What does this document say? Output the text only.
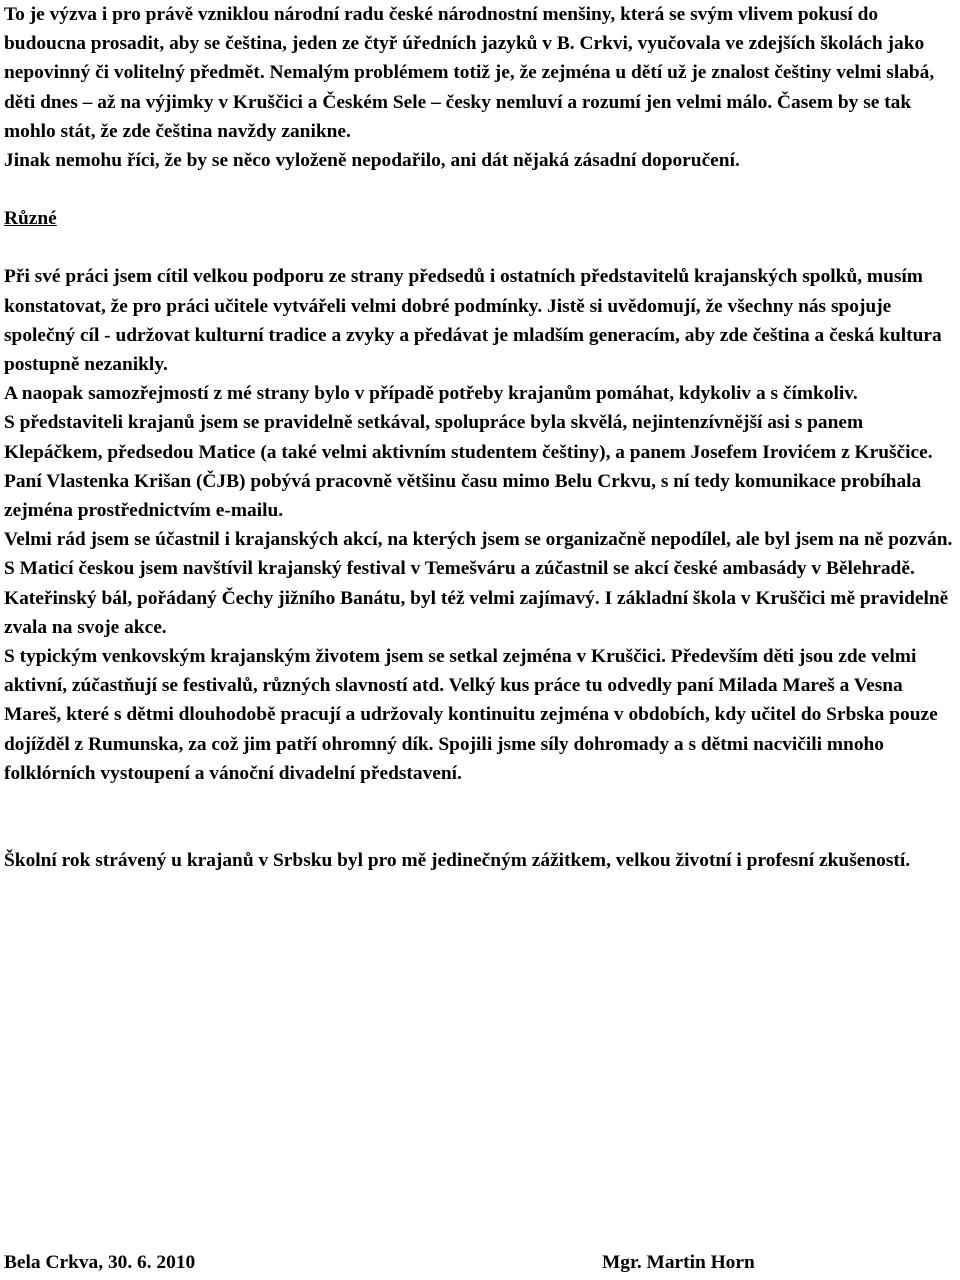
To je výzva i pro právě vzniklou národní radu české národnostní menšiny, která se svým vlivem pokusí do budoucna prosadit, aby se čeština, jeden ze čtyř úředních jazyků v B. Crkvi, vyučovala ve zdejších školách jako nepovinný či volitelný předmět. Nemalým problémem totiž je, že zejména u dětí už je znalost češtiny velmi slabá, děti dnes – až na výjimky v Kruščici a Českém Sele – česky nemluví a rozumí jen velmi málo. Časem by se tak mohlo stát, že zde čeština navždy zanikne.

Jinak nemohu říci, že by se něco vyloženě nepodařilo, ani dát nějaká zásadní doporučení.

Různé

Při své práci jsem cítil velkou podporu ze strany předsedů i ostatních představitelů krajanských spolků, musím konstatovat, že pro práci učitele vytvářeli velmi dobré podmínky. Jistě si uvědomují, že všechny nás spojuje společný cíl - udržovat kulturní tradice a zvyky a předávat je mladším generacím, aby zde čeština a česká kultura postupně nezanikly.

A naopak samozřejmostí z mé strany bylo v případě potřeby krajanům pomáhat, kdykoliv a s čímkoliv.

S představiteli krajanů jsem se pravidelně setkával, spolupráce byla skvělá, nejintenzívnější asi s panem Klepáčkem, předsedou Matice (a také velmi aktivním studentem češtiny), a panem Josefem Irovićem z Kruščice. Paní Vlastenka Krišan (ČJB) pobývá pracovně většinu času mimo Belu Crkvu, s ní tedy komunikace probíhala zejména prostřednictvím e-mailu.

Velmi rád jsem se účastnil i krajanských akcí, na kterých jsem se organizačně nepodílel, ale byl jsem na ně pozván. S Maticí českou jsem navštívil krajanský festival v Temešváru a zúčastnil se akcí české ambasády v Bělehradě. Kateřinský bál, pořádaný Čechy jižního Banátu, byl též velmi zajímavý. I základní škola v Kruščici mě pravidelně zvala na svoje akce.

S typickým venkovským krajanským životem jsem se setkal zejména v Kruščici. Především děti jsou zde velmi aktivní, zúčastňují se festivalů, různých slavností atd. Velký kus práce tu odvedly paní Milada Mareš a Vesna Mareš, které s dětmi dlouhodobě pracují a udržovaly kontinuitu zejména v obdobích, kdy učitel do Srbska pouze dojížděl z Rumunska, za což jim patří ohromný dík. Spojili jsme síly dohromady a s dětmi nacvičili mnoho folklórních vystoupení a vánoční divadelní představení.

Školní rok strávený u krajanů v Srbsku byl pro mě jedinečným zážitkem, velkou životní i profesní zkušeností.

Bela Crkva, 30. 6. 2010	Mgr. Martin Horn
